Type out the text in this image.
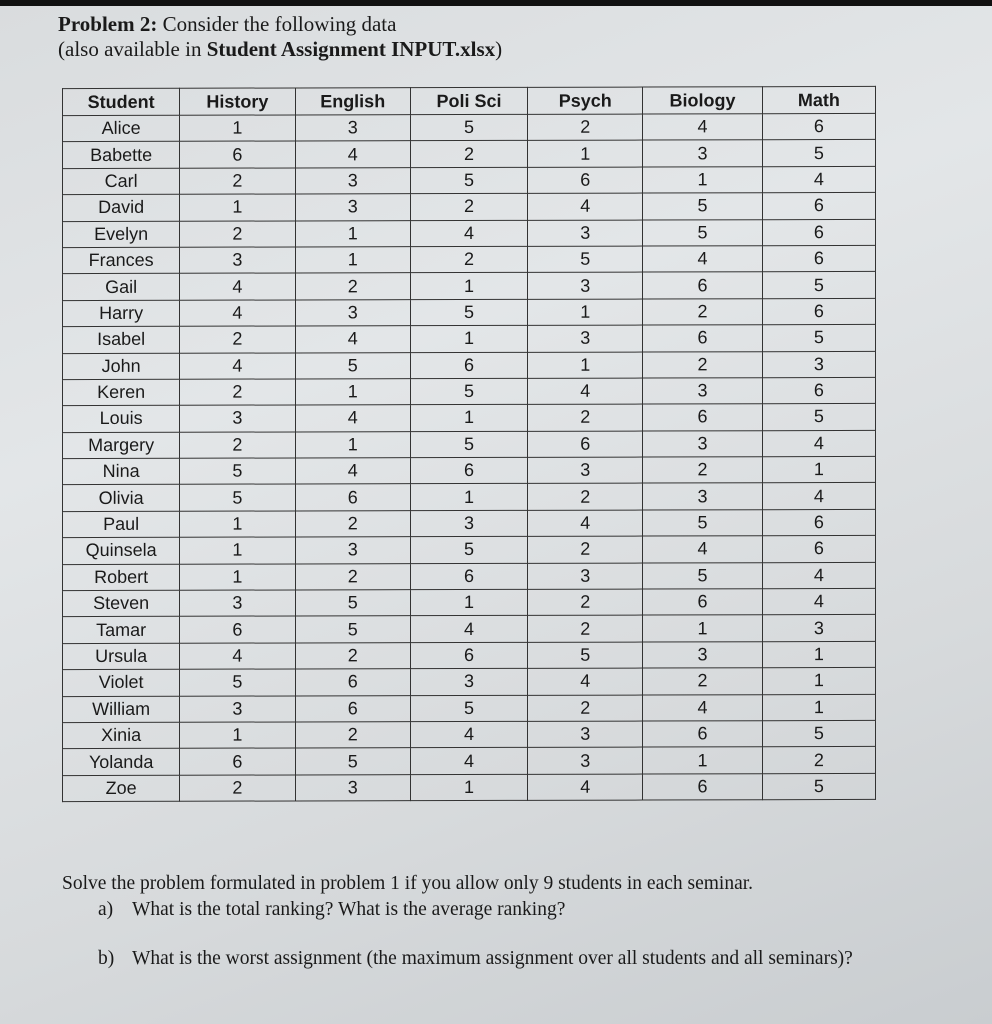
Problem 2: Consider the following data
(also available in Student Assignment INPUT.xlsx)
Student	History	English	Poli Sci	Psych	Biology	Math
Alice	1	3	5	2	4	6
Babette	6	4	2	1	3	5
Carl	2	3	5	6	1	4
David	1	3	2	4	5	6
Evelyn	2	1	4	3	5	6
Frances	3	1	2	5	4	6
Gail	4	2	1	3	6	5
Harry	4	3	5	1	2	6
Isabel	2	4	1	3	6	5
John	4	5	6	1	2	3
Keren	2	1	5	4	3	6
Louis	3	4	1	2	6	5
Margery	2	1	5	6	3	4
Nina	5	4	6	3	2	1
Olivia	5	6	1	2	3	4
Paul	1	2	3	4	5	6
Quinsela	1	3	5	2	4	6
Robert	1	2	6	3	5	4
Steven	3	5	1	2	6	4
Tamar	6	5	4	2	1	3
Ursula	4	2	6	5	3	1
Violet	5	6	3	4	2	1
William	3	6	5	2	4	1
Xinia	1	2	4	3	6	5
Yolanda	6	5	4	3	1	2
Zoe	2	3	1	4	6	5
Solve the problem formulated in problem 1 if you allow only 9 students in each seminar.
a) What is the total ranking? What is the average ranking?
b) What is the worst assignment (the maximum assignment over all students and all seminars)?
